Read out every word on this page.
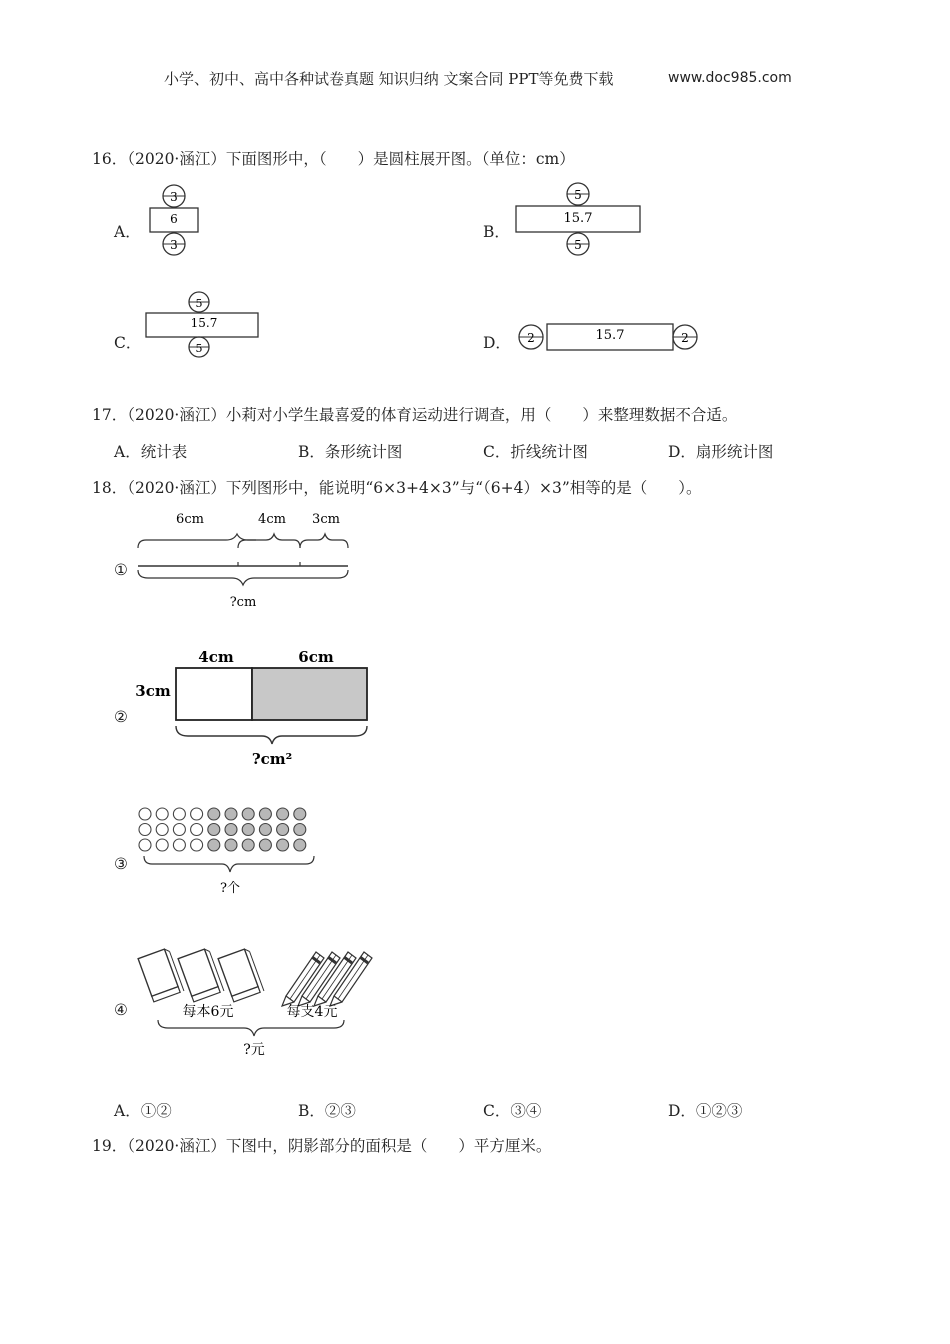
小学、初中、高中各种试卷真题 知识归纳 文案合同 PPT等免费下载	www.doc985.com
16．（2020·涵江）下面图形中，（　　）是圆柱展开图。（单位：cm）
A．
3
6
3
B．
5
15.7
5
C．
5
15.7
5	D． 2	15.7	2
17．（2020·涵江）小莉对小学生最喜爱的体育运动进行调查，用（　　）来整理数据不合适。
A．统计表	B．条形统计图	C．折线统计图	D．扇形统计图
18．（2020·涵江）下列图形中，能说明“6×3+4×3”与“（6+4）×3”相等的是（　　）。
①
6cm	4cm 3cm
?cm
②
4cm	6cm
3cm
?cm²
③
?个
④	每本6元	每支4元
?元
A．①②	B．②③	C．③④	D．①②③
19．（2020·涵江）下图中，阴影部分的面积是（　　）平方厘米。
